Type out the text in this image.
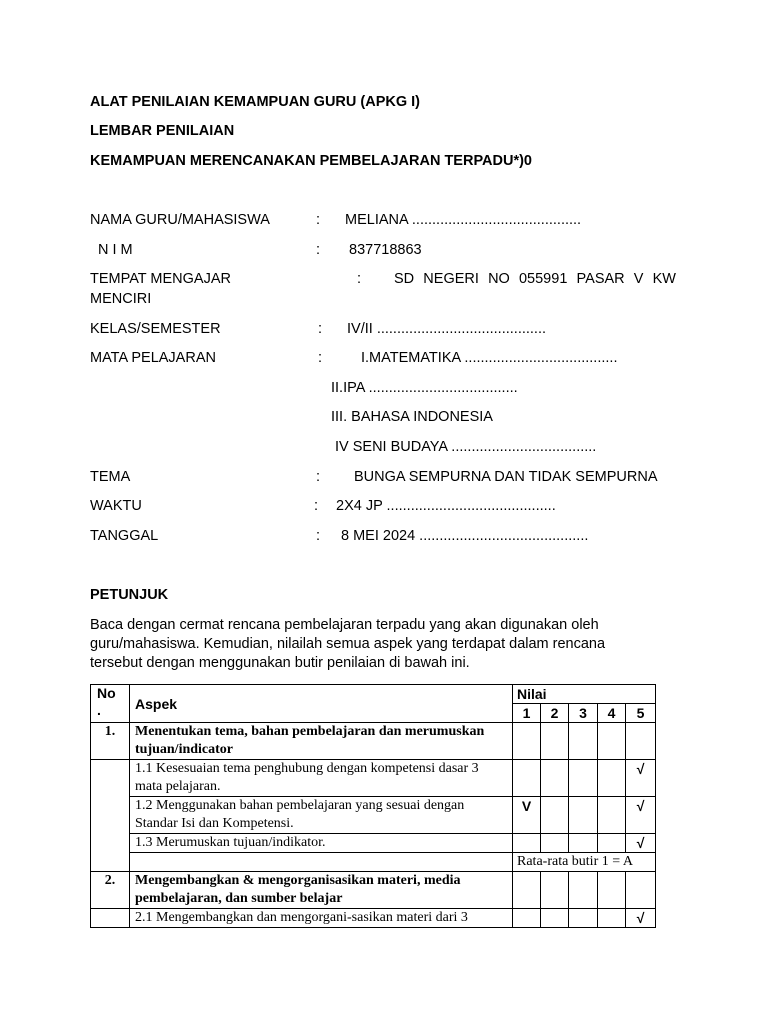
ALAT PENILAIAN KEMAMPUAN GURU (APKG I)
LEMBAR PENILAIAN
KEMAMPUAN MERENCANAKAN PEMBELAJARAN TERPADU*)0
NAMA GURU/MAHASISWA	: MELIANA ..........................................
N I M	: 837718863
TEMPAT MENGAJAR	: SD NEGERI NO 055991 PASAR V KW
MENCIRI
KELAS/SEMESTER	: IV/II ..........................................
MATA PELAJARAN	:	I.MATEMATIKA ......................................
II.IPA .....................................
III. BAHASA INDONESIA
IV SENI BUDAYA ....................................
TEMA	: BUNGA SEMPURNA DAN TIDAK SEMPURNA
WAKTU	: 2X4 JP ..........................................
TANGGAL	: 8 MEI 2024 ..........................................
PETUNJUK
Baca dengan cermat rencana pembelajaran terpadu yang akan digunakan oleh
guru/mahasiswa. Kemudian, nilailah semua aspek yang terdapat dalam rencana
tersebut dengan menggunakan butir penilaian di bawah ini.
No .	Aspek	Nilai				
		1	2	3	4	5
1.	Menentukan tema, bahan pembelajaran dan merumuskan tujuan/indicator					
	1.1 Kesesuaian tema penghubung dengan kompetensi dasar 3 mata pelajaran.					√
	1.2 Menggunakan bahan pembelajaran yang sesuai dengan Standar Isi dan Kompetensi.	V				√
	1.3 Merumuskan tujuan/indikator.					√
		Rata-rata butir 1 = A				
2.	Mengembangkan & mengorganisasikan materi, media pembelajaran, dan sumber belajar					
	2.1 Mengembangkan dan mengorgani-sasikan materi dari 3					√
